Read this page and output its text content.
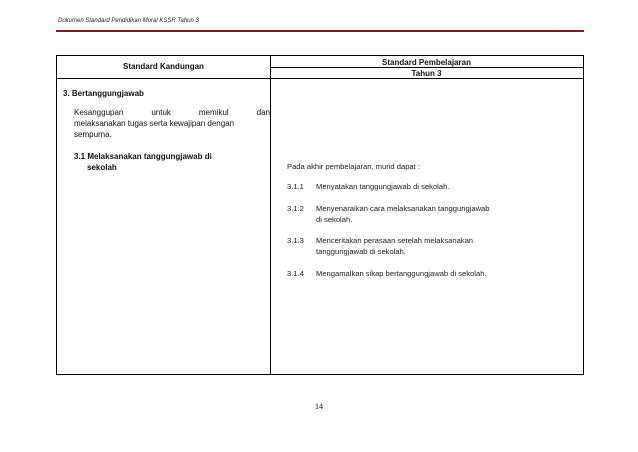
Dokumen Standard Pendidikan Moral KSSR Tahun 3
Standard Kandungan	Standard Pembelajaran
Tahun 3
3. Bertanggungjawab
Kesanggupan untuk memikul dan
melaksanakan tugas serta kewajipan dengan
sempurna.
3.1 Melaksanakan tanggungjawab di
sekolah	Pada akhir pembelajaran, murid dapat :
3.1.1 Menyatakan tanggungjawab di sekolah.
3.1.2 Menyenaraikan cara melaksanakan tanggungjawab
di sekolah.
3.1.3 Menceritakan perasaan setelah melaksanakan
tanggungjawab di sekolah.
3.1.4 Mengamalkan sikap bertanggungjawab di sekolah.
14
